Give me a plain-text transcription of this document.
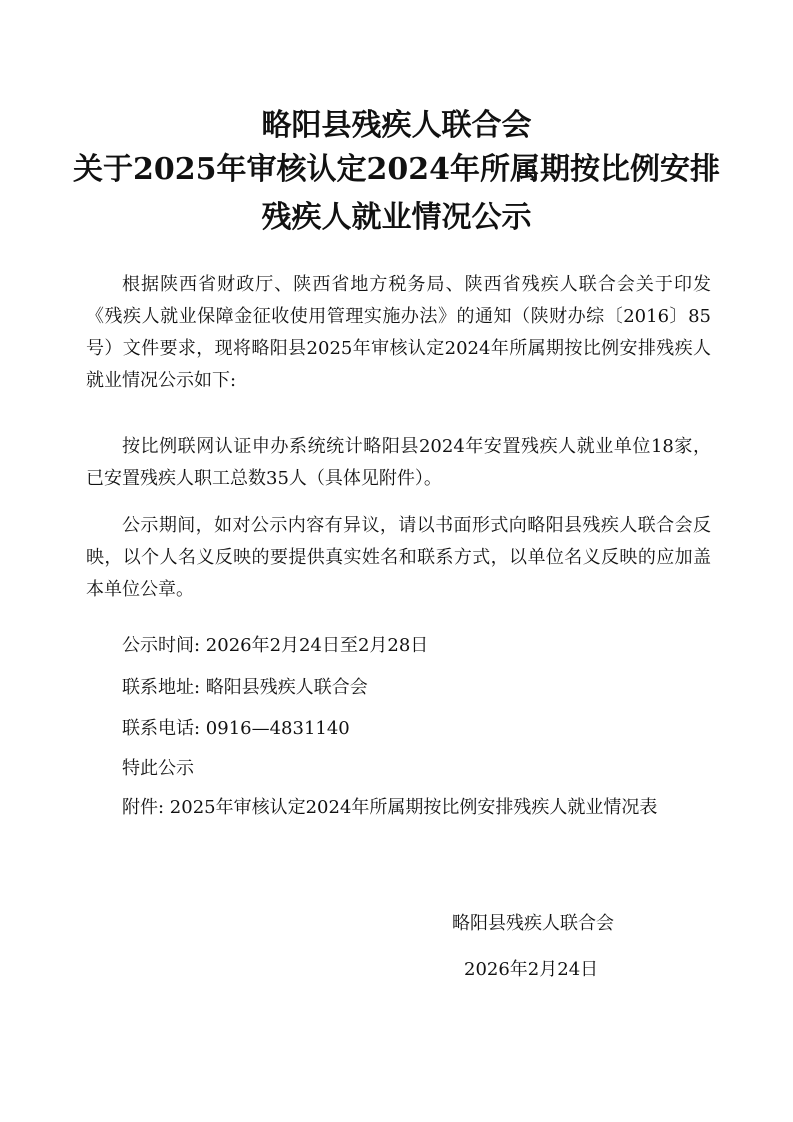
略阳县残疾人联合会
关于2025年审核认定2024年所属期按比例安排
残疾人就业情况公示

根据陕西省财政厅、陕西省地方税务局、陕西省残疾人联合会关于印发《残疾人就业保障金征收使用管理实施办法》的通知（陕财办综〔2016〕85号）文件要求，现将略阳县2025年审核认定2024年所属期按比例安排残疾人就业情况公示如下:

按比例联网认证申办系统统计略阳县2024年安置残疾人就业单位18家，已安置残疾人职工总数35人（具体见附件）。

公示期间，如对公示内容有异议，请以书面形式向略阳县残疾人联合会反映，以个人名义反映的要提供真实姓名和联系方式，以单位名义反映的应加盖本单位公章。

公示时间: 2026年2月24日至2月28日

联系地址: 略阳县残疾人联合会

联系电话: 0916—4831140

特此公示

附件: 2025年审核认定2024年所属期按比例安排残疾人就业情况表

略阳县残疾人联合会
2026年2月24日
